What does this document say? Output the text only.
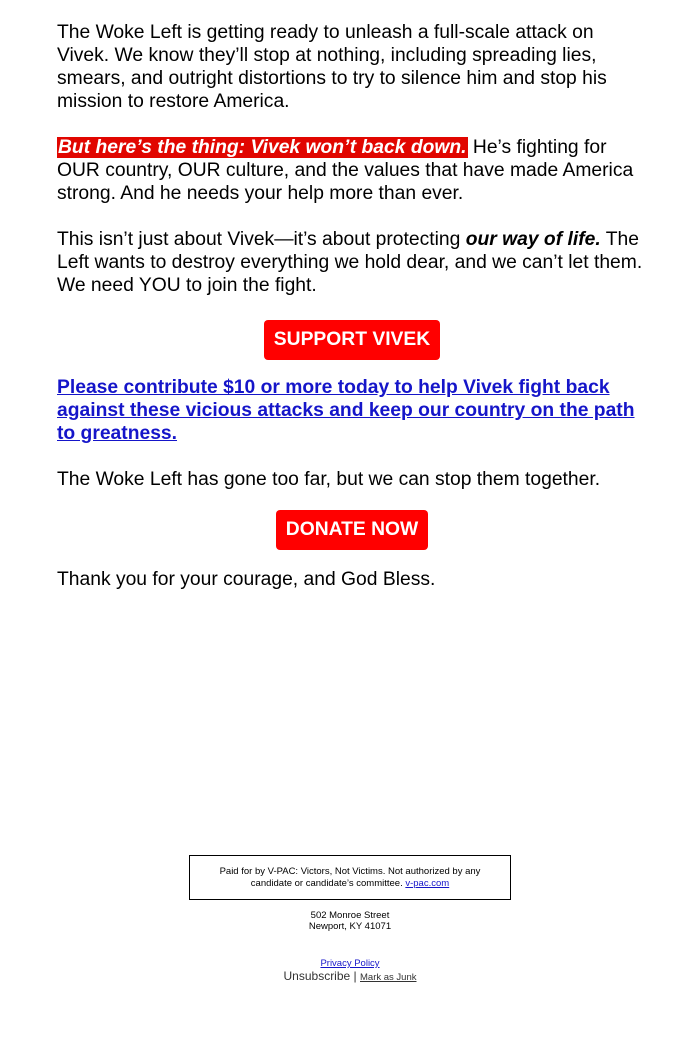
The Woke Left is getting ready to unleash a full-scale attack on Vivek. We know they’ll stop at nothing, including spreading lies, smears, and outright distortions to try to silence him and stop his mission to restore America.

But here’s the thing: Vivek won’t back down. He’s fighting for OUR country, OUR culture, and the values that have made America strong. And he needs your help more than ever.

This isn’t just about Vivek—it’s about protecting our way of life. The Left wants to destroy everything we hold dear, and we can’t let them. We need YOU to join the fight.

SUPPORT VIVEK
Please contribute $10 or more today to help Vivek fight back against these vicious attacks and keep our country on the path to greatness.

The Woke Left has gone too far, but we can stop them together.

DONATE NOW

Thank you for your courage, and God Bless.

Paid for by V-PAC: Victors, Not Victims. Not authorized by any
candidate or candidate’s committee. v-pac.com
502 Monroe Street
Newport, KY 41071
Privacy Policy
Unsubscribe | Mark as Junk
